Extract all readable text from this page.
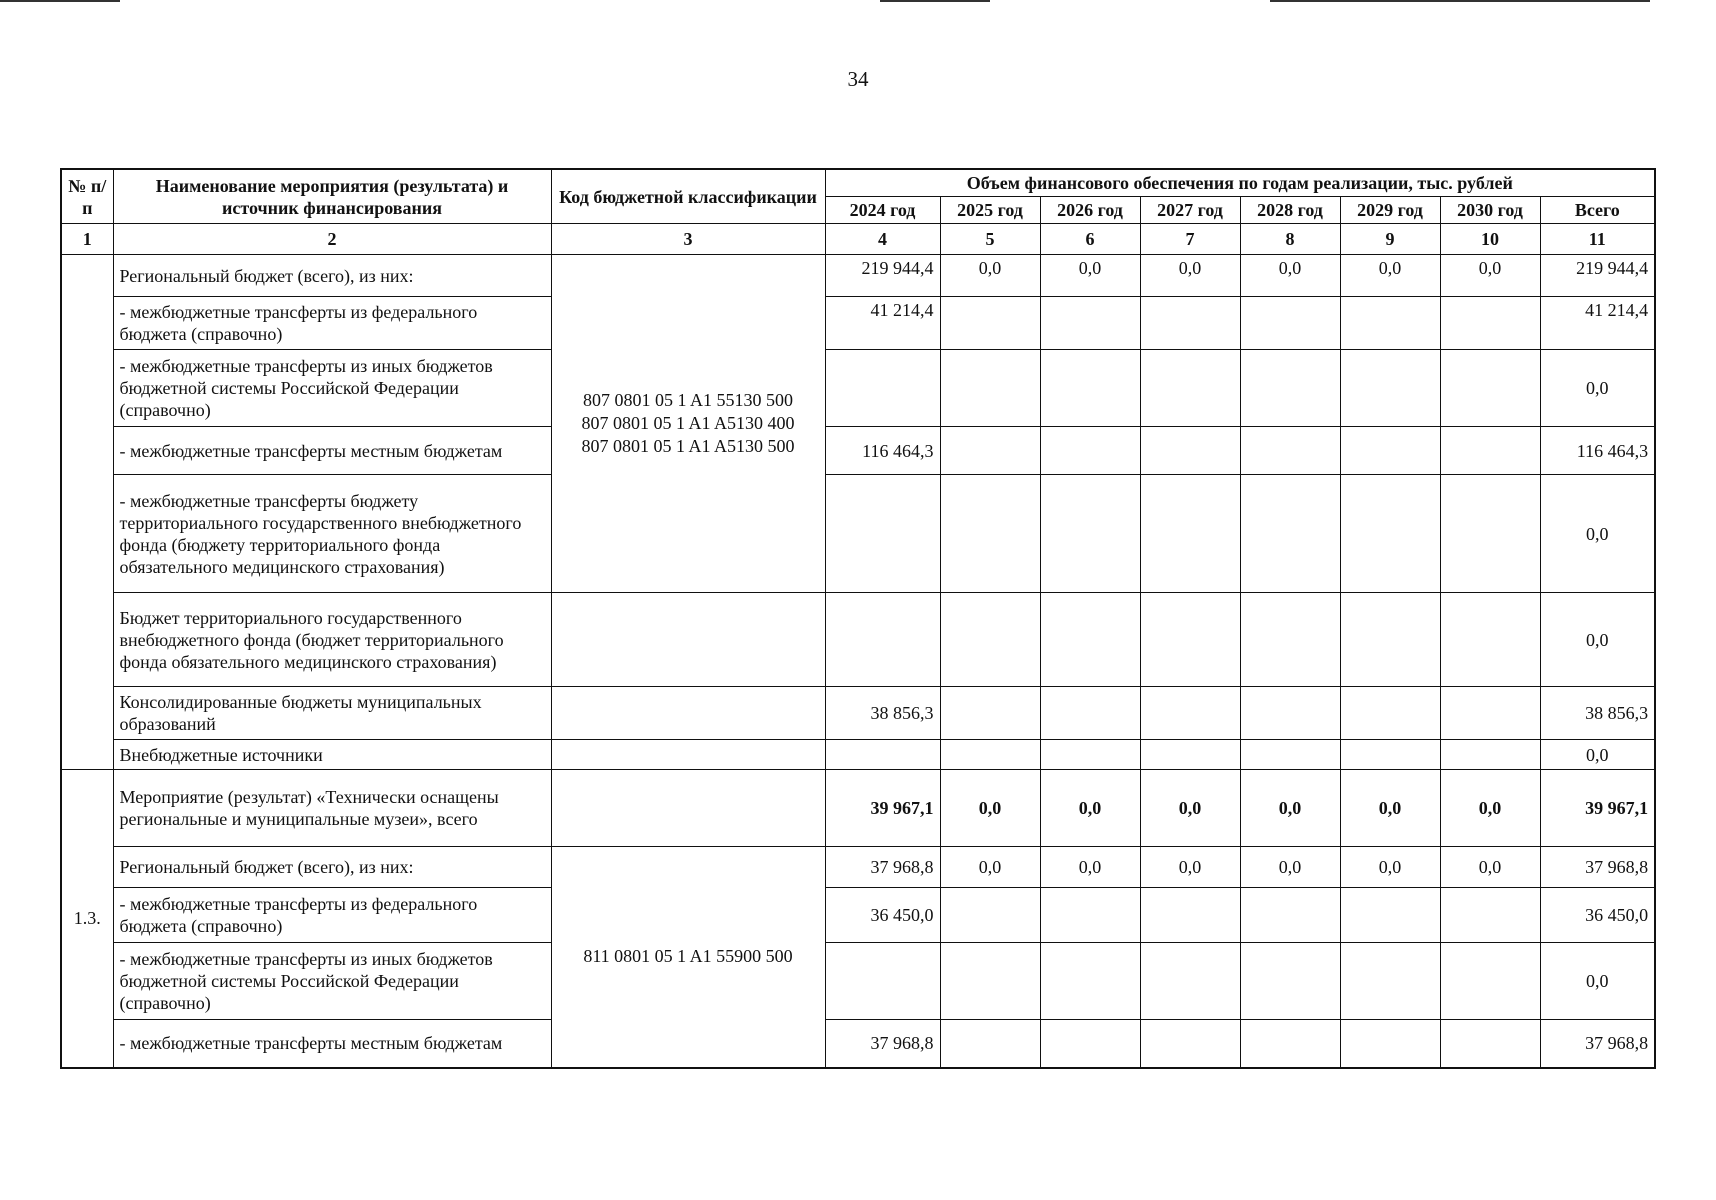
34
№ п/п	Наименование мероприятия (результата) и источник финансирования	Код бюджетной классификации	Объем финансового обеспечения по годам реализации, тыс. рублей							
			2024 год	2025 год	2026 год	2027 год	2028 год	2029 год	2030 год	Всего
1	2	3	4	5	6	7	8	9	10	11
	Региональный бюджет (всего), из них:	807 0801 05 1 A1 55130 500
807 0801 05 1 A1 A5130 400
807 0801 05 1 A1 A5130 500	219 944,4	0,0	0,0	0,0	0,0	0,0	0,0	219 944,4
	- межбюджетные трансферты из федерального бюджета (справочно)		41 214,4							41 214,4
	- межбюджетные трансферты из иных бюджетов бюджетной системы Российской Федерации (справочно)									0,0
	- межбюджетные трансферты местным бюджетам		116 464,3							116 464,3
	- межбюджетные трансферты бюджету территориального государственного внебюджетного фонда (бюджету территориального фонда обязательного медицинского страхования)									0,0
	Бюджет территориального государственного внебюджетного фонда (бюджет территориального фонда обязательного медицинского страхования)									0,0
	Консолидированные бюджеты муниципальных образований		38 856,3							38 856,3
	Внебюджетные источники									0,0
1.3.	Мероприятие (результат) «Технически оснащены региональные и муниципальные музеи», всего		39 967,1	0,0	0,0	0,0	0,0	0,0	0,0	39 967,1
	Региональный бюджет (всего), из них:	811 0801 05 1 A1 55900 500	37 968,8	0,0	0,0	0,0	0,0	0,0	0,0	37 968,8
	- межбюджетные трансферты из федерального бюджета (справочно)		36 450,0							36 450,0
	- межбюджетные трансферты из иных бюджетов бюджетной системы Российской Федерации (справочно)									0,0
	- межбюджетные трансферты местным бюджетам		37 968,8							37 968,8
